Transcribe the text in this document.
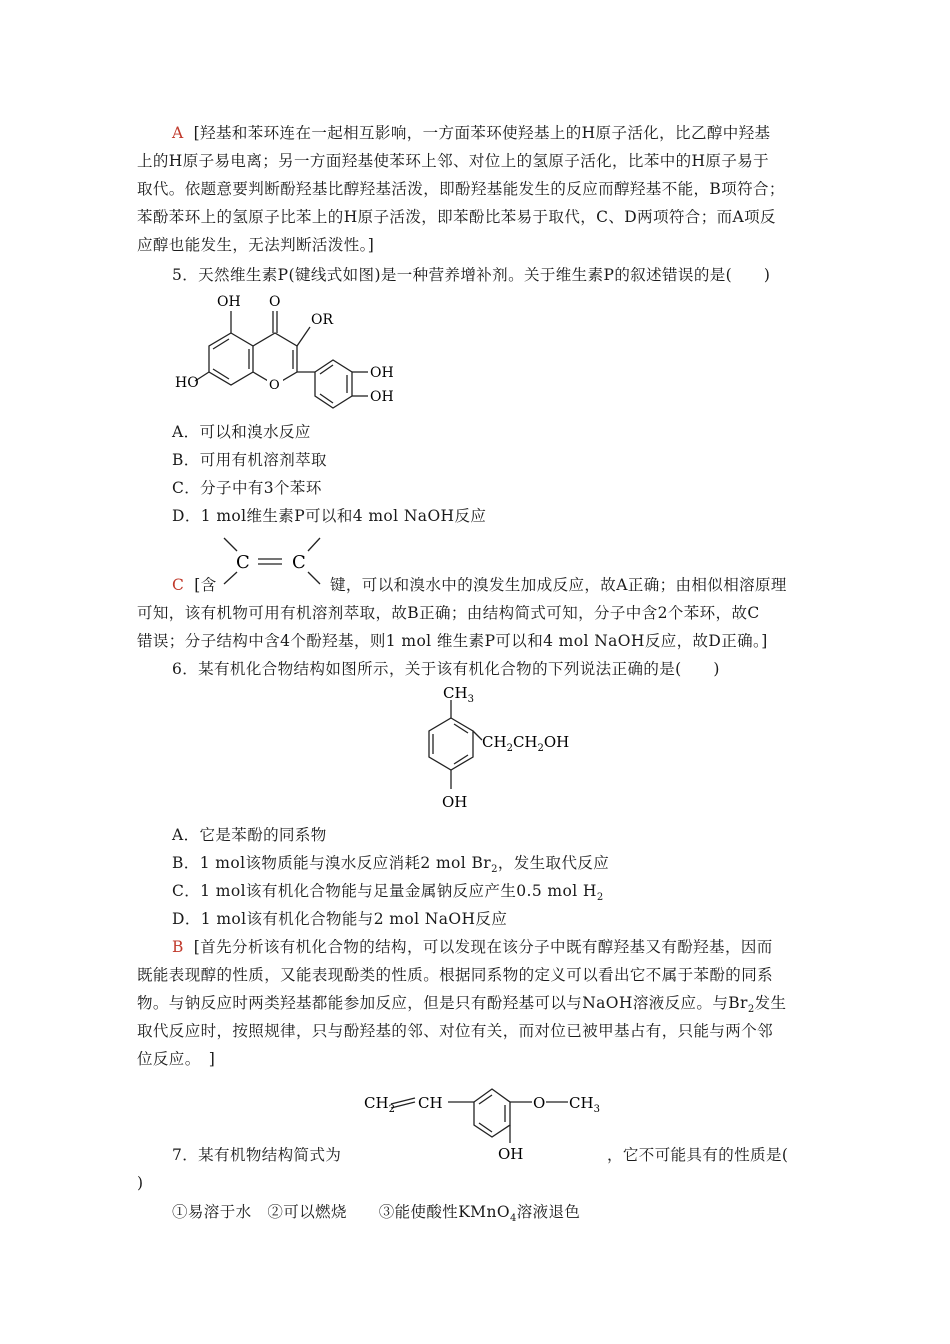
A [羟基和苯环连在一起相互影响，一方面苯环使羟基上的H原子活化，比乙醇中羟基
上的H原子易电离；另一方面羟基使苯环上邻、对位上的氢原子活化，比苯中的H原子易于
取代。依题意要判断酚羟基比醇羟基活泼，即酚羟基能发生的反应而醇羟基不能，B项符合；
苯酚苯环上的氢原子比苯上的H原子活泼，即苯酚比苯易于取代，C、D两项符合；而A项反
应醇也能发生，无法判断活泼性。]
5．天然维生素P(键线式如图)是一种营养增补剂。关于维生素P的叙述错误的是(　　)
OH O
OR
HO	O
OH
OH
A．可以和溴水反应
B．可用有机溶剂萃取
C．分子中有3个苯环
D．1 mol维生素P可以和4 mol NaOH反应
C [含
C C
键，可以和溴水中的溴发生加成反应，故A正确；由相似相溶原理
可知，该有机物可用有机溶剂萃取，故B正确；由结构简式可知，分子中含2个苯环，故C
错误；分子结构中含4个酚羟基，则1 mol 维生素P可以和4 mol NaOH反应，故D正确。]
6．某有机化合物结构如图所示，关于该有机化合物的下列说法正确的是(　　)
$CH_3$
$CH_2CH_2OH$
OH
A．它是苯酚的同系物
B．1 mol该物质能与溴水反应消耗2 mol $Br_2$，发生取代反应
C．1 mol该有机化合物能与足量金属钠反应产生0.5 mol $H_2$
D．1 mol该有机化合物能与2 mol NaOH反应
B [首先分析该有机化合物的结构，可以发现在该分子中既有醇羟基又有酚羟基，因而
既能表现醇的性质，又能表现酚类的性质。根据同系物的定义可以看出它不属于苯酚的同系
物。与钠反应时两类羟基都能参加反应，但是只有酚羟基可以与NaOH溶液反应。与$Br_2$发生
取代反应时，按照规律，只与酚羟基的邻、对位有关，而对位已被甲基占有，只能与两个邻
位反应。　]
$CH_2$ CH	O $CH_3$
OH
7．某有机物结构简式为	，它不可能具有的性质是(
)
①易溶于水　②可以燃烧　　③能使酸性KMnO$_4$溶液退色
